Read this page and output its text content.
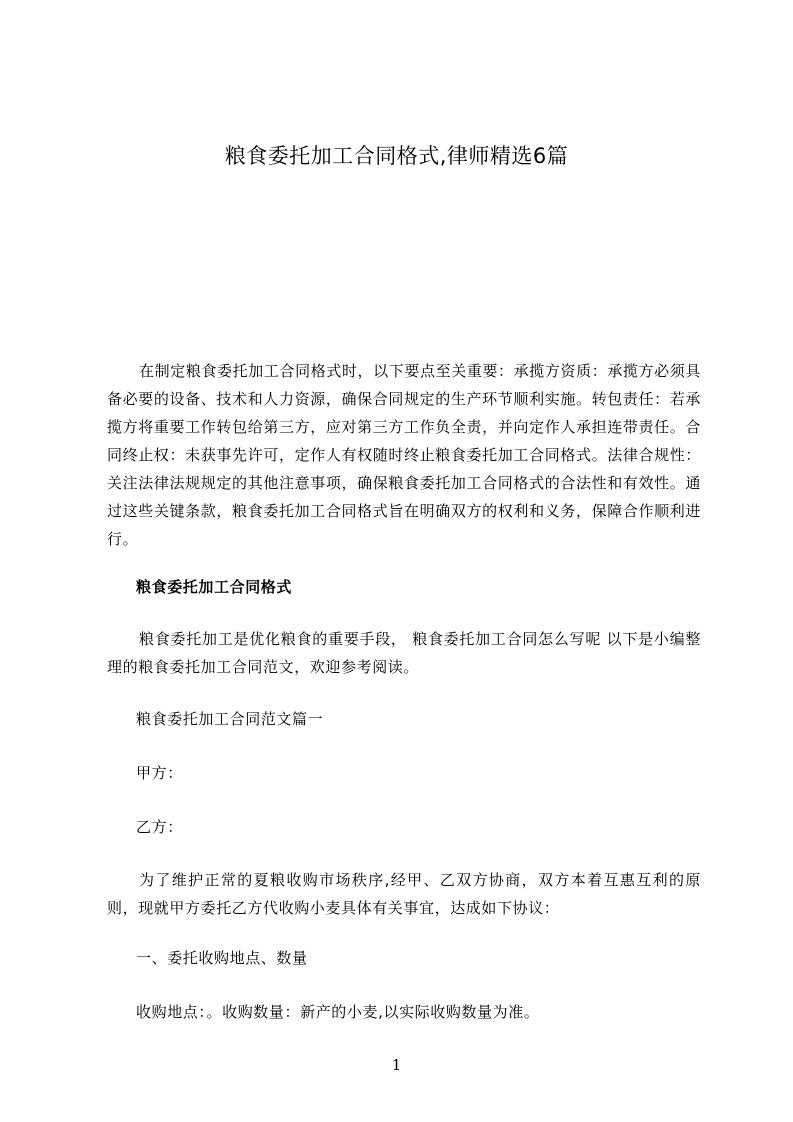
粮食委托加工合同格式,律师精选6篇

在制定粮食委托加工合同格式时，以下要点至关重要：承揽方资质：承揽方必须具备必要的设备、技术和人力资源，确保合同规定的生产环节顺利实施。转包责任：若承揽方将重要工作转包给第三方，应对第三方工作负全责，并向定作人承担连带责任。合同终止权：未获事先许可，定作人有权随时终止粮食委托加工合同格式。法律合规性：关注法律法规规定的其他注意事项，确保粮食委托加工合同格式的合法性和有效性。通过这些关键条款，粮食委托加工合同格式旨在明确双方的权利和义务，保障合作顺利进行。

粮食委托加工合同格式

粮食委托加工是优化粮食的重要手段， 粮食委托加工合同怎么写呢 以下是小编整理的粮食委托加工合同范文，欢迎参考阅读。

粮食委托加工合同范文篇一

甲方：

乙方：

为了维护正常的夏粮收购市场秩序,经甲、乙双方协商，双方本着互惠互利的原则，现就甲方委托乙方代收购小麦具体有关事宜，达成如下协议：

一、委托收购地点、数量

收购地点：。收购数量：新产的小麦,以实际收购数量为准。

1
